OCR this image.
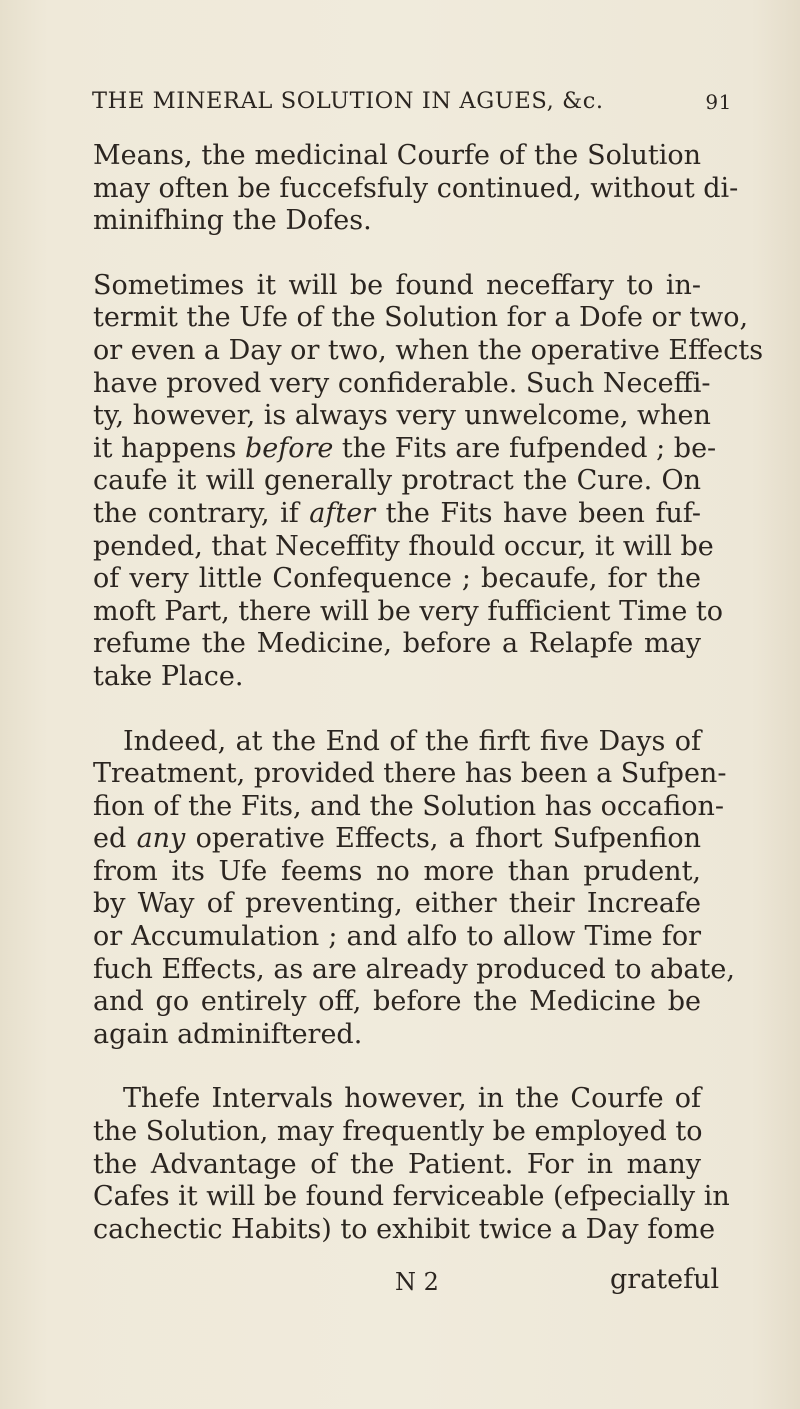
THE MINERAL SOLUTION IN AGUES, &c.	91
Means, the medicinal Courfe of the Solution
may often be fuccefsfuly continued, without di-
minifhing the Dofes.
Sometimes it will be found neceffary to in-
termit the Ufe of the Solution for a Dofe or two,
or even a Day or two, when the operative Effects
have proved very confiderable. Such Neceffi-
ty, however, is always very unwelcome, when
it happens before the Fits are fufpended ; be-
caufe it will generally protract the Cure. On
the contrary, if after the Fits have been fuf-
pended, that Neceffity fhould occur, it will be
of very little Confequence ; becaufe, for the
moft Part, there will be very fufficient Time to
refume the Medicine, before a Relapfe may
take Place.
Indeed, at the End of the firft five Days of
Treatment, provided there has been a Sufpen-
fion of the Fits, and the Solution has occafion-
ed any operative Effects, a fhort Sufpenfion
from its Ufe feems no more than prudent,
by Way of preventing, either their Increafe
or Accumulation ; and alfo to allow Time for
fuch Effects, as are already produced to abate,
and go entirely off, before the Medicine be
again adminiftered.
Thefe Intervals however, in the Courfe of
the Solution, may frequently be employed to
the Advantage of the Patient. For in many
Cafes it will be found ferviceable (efpecially in
cachectic Habits) to exhibit twice a Day fome
N 2	grateful
